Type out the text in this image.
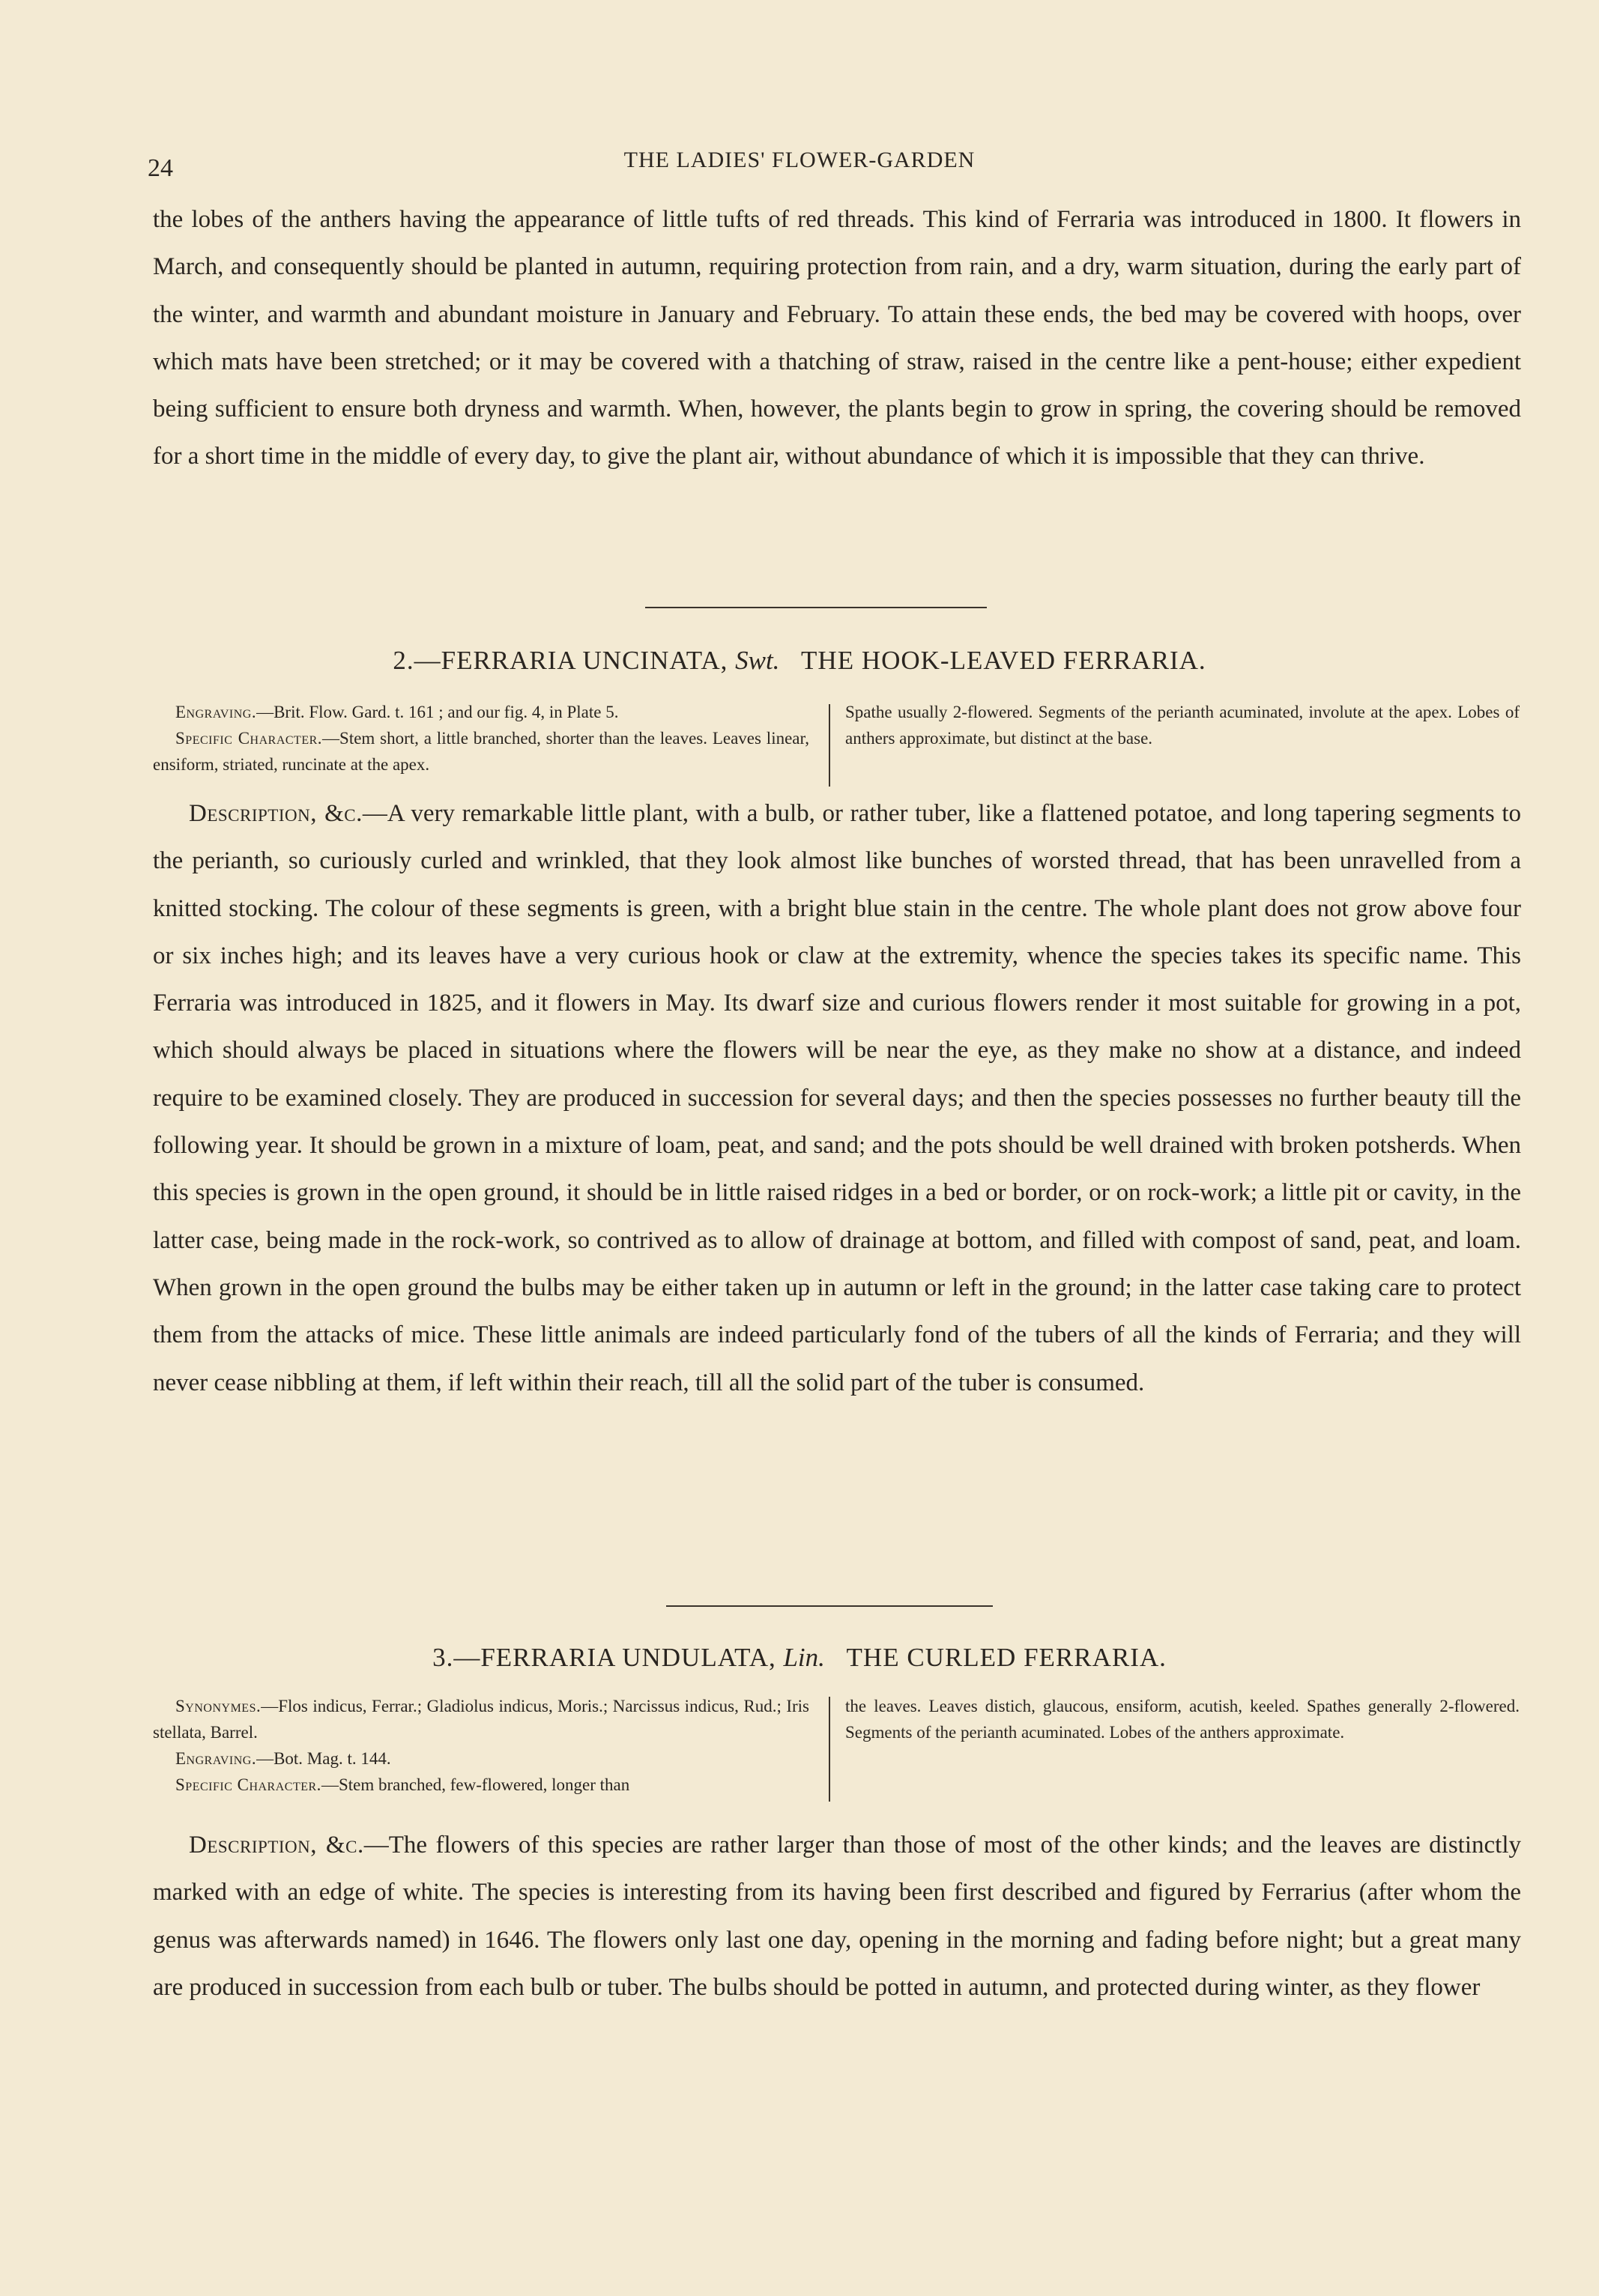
24	THE LADIES' FLOWER-GARDEN

the lobes of the anthers having the appearance of little tufts of red threads. This kind of Ferraria was introduced in 1800. It flowers in March, and consequently should be planted in autumn, requiring protection from rain, and a dry, warm situation, during the early part of the winter, and warmth and abundant moisture in January and February. To attain these ends, the bed may be covered with hoops, over which mats have been stretched; or it may be covered with a thatching of straw, raised in the centre like a pent-house; either expedient being sufficient to ensure both dryness and warmth. When, however, the plants begin to grow in spring, the covering should be removed for a short time in the middle of every day, to give the plant air, without abundance of which it is impossible that they can thrive.

2.—FERRARIA UNCINATA, Swt. THE HOOK-LEAVED FERRARIA.

Engraving.—Brit. Flow. Gard. t. 161 ; and our fig. 4, in Plate 5.

Specific Character.—Stem short, a little branched, shorter than the leaves. Leaves linear, ensiform, striated, runcinate at the apex.

Spathe usually 2-flowered. Segments of the perianth acuminated, involute at the apex. Lobes of anthers approximate, but distinct at the base.

Description, &c.—A very remarkable little plant, with a bulb, or rather tuber, like a flattened potatoe, and long tapering segments to the perianth, so curiously curled and wrinkled, that they look almost like bunches of worsted thread, that has been unravelled from a knitted stocking. The colour of these segments is green, with a bright blue stain in the centre. The whole plant does not grow above four or six inches high; and its leaves have a very curious hook or claw at the extremity, whence the species takes its specific name. This Ferraria was introduced in 1825, and it flowers in May. Its dwarf size and curious flowers render it most suitable for growing in a pot, which should always be placed in situations where the flowers will be near the eye, as they make no show at a distance, and indeed require to be examined closely. They are produced in succession for several days; and then the species possesses no further beauty till the following year. It should be grown in a mixture of loam, peat, and sand; and the pots should be well drained with broken potsherds. When this species is grown in the open ground, it should be in little raised ridges in a bed or border, or on rock-work; a little pit or cavity, in the latter case, being made in the rock-work, so contrived as to allow of drainage at bottom, and filled with compost of sand, peat, and loam. When grown in the open ground the bulbs may be either taken up in autumn or left in the ground; in the latter case taking care to protect them from the attacks of mice. These little animals are indeed particularly fond of the tubers of all the kinds of Ferraria; and they will never cease nibbling at them, if left within their reach, till all the solid part of the tuber is consumed.

3.—FERRARIA UNDULATA, Lin. THE CURLED FERRARIA.

Synonymes.—Flos indicus, Ferrar.; Gladiolus indicus, Moris.; Narcissus indicus, Rud.; Iris stellata, Barrel.

Engraving.—Bot. Mag. t. 144.

Specific Character.—Stem branched, few-flowered, longer than

the leaves. Leaves distich, glaucous, ensiform, acutish, keeled. Spathes generally 2-flowered. Segments of the perianth acuminated. Lobes of the anthers approximate.

Description, &c.—The flowers of this species are rather larger than those of most of the other kinds; and the leaves are distinctly marked with an edge of white. The species is interesting from its having been first described and figured by Ferrarius (after whom the genus was afterwards named) in 1646. The flowers only last one day, opening in the morning and fading before night; but a great many are produced in succession from each bulb or tuber. The bulbs should be potted in autumn, and protected during winter, as they flower
